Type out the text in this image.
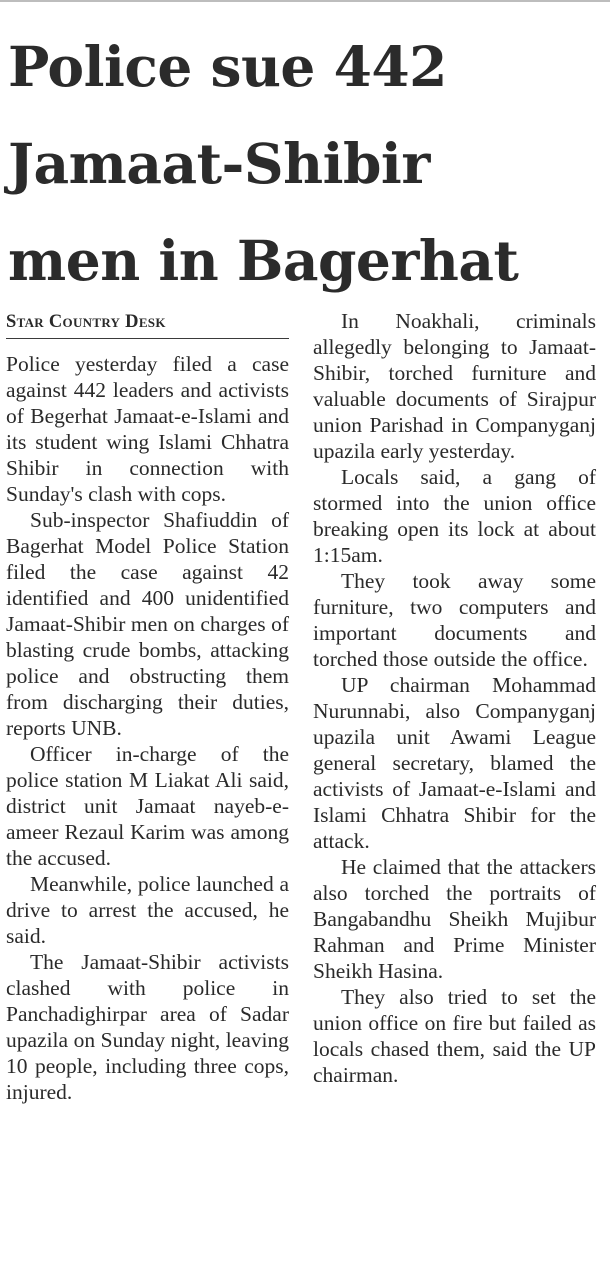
Police sue 442
Jamaat-Shibir
men in Bagerhat
Star Country Desk

Police yesterday filed a case against 442 leaders and activists of Begerhat Jamaat-e-Islami and its student wing Islami Chhatra Shibir in connection with Sunday's clash with cops.

Sub-inspector Shafiuddin of Bagerhat Model Police Station filed the case against 42 identified and 400 unidentified Jamaat-Shibir men on charges of blasting crude bombs, attacking police and obstructing them from discharging their duties, reports UNB.

Officer in-charge of the police station M Liakat Ali said, district unit Jamaat nayeb-e-ameer Rezaul Karim was among the accused.

Meanwhile, police launched a drive to arrest the accused, he said.

The Jamaat-Shibir activists clashed with police in Panchadighirpar area of Sadar upazila on Sunday night, leaving 10 people, including three cops, injured.

In Noakhali, criminals allegedly belonging to Jamaat-Shibir, torched furniture and valuable documents of Sirajpur union Parishad in Companyganj upazila early yesterday.

Locals said, a gang of stormed into the union office breaking open its lock at about 1:15am.

They took away some furniture, two computers and important documents and torched those outside the office.

UP chairman Mohammad Nurunnabi, also Companyganj upazila unit Awami League general secretary, blamed the activists of Jamaat-e-Islami and Islami Chhatra Shibir for the attack.

He claimed that the attackers also torched the portraits of Bangabandhu Sheikh Mujibur Rahman and Prime Minister Sheikh Hasina.

They also tried to set the union office on fire but failed as locals chased them, said the UP chairman.
